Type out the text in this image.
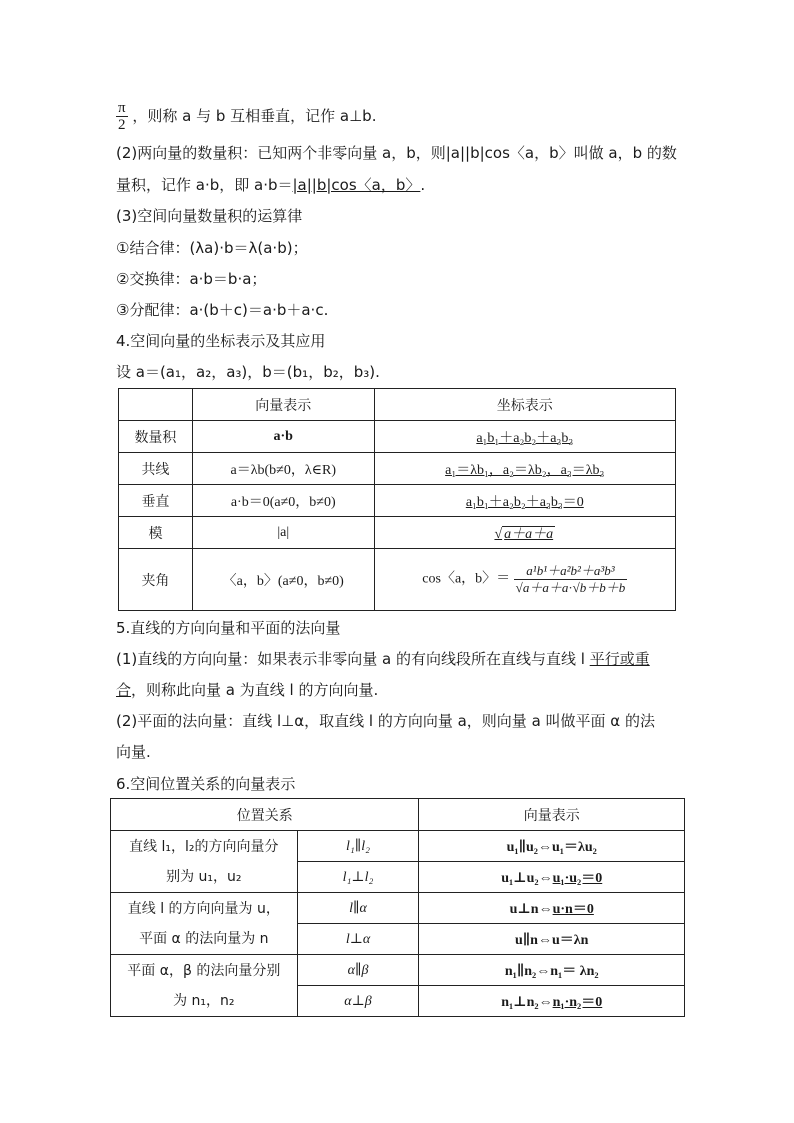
$\frac{\pi}{2}$ ，则称 a 与 b 互相垂直，记作 a⊥b.
(2)两向量的数量积：已知两个非零向量 a，b，则|a||b|cos〈a，b〉叫做 a，b 的数
量积，记作 a·b，即 a·b＝|a||b|cos〈a，b〉.
(3)空间向量数量积的运算律
①结合律：(λa)·b＝λ(a·b)；
②交换律：a·b＝b·a；
③分配律：a·(b＋c)＝a·b＋a·c.
4.空间向量的坐标表示及其应用
设 a＝(a₁，a₂，a₃)，b＝(b₁，b₂，b₃).
	向量表示	坐标表示
数量积	a·b	a₁b₁＋a₂b₂＋a₃b₃
共线	a＝λb(b≠0，λ∈R)	a₁＝λb₁，a₂＝λb₂，a₃＝λb₃
垂直	a·b＝0(a≠0，b≠0)	a₁b₁＋a₂b₂＋a₃b₃＝0
模	|a|	√ a＋a＋a
夹角	〈a，b〉(a≠0，b≠0)	cos〈a，b〉＝ $\frac{\text{a¹b¹＋a²b²＋a³b³}}{√a+a+a\cdot√b+b+b}$
5.直线的方向向量和平面的法向量
(1)直线的方向向量：如果表示非零向量 a 的有向线段所在直线与直线 l 平行或重
合，则称此向量 a 为直线 l 的方向向量.
(2)平面的法向量：直线 l⊥α，取直线 l 的方向向量 a，则向量 a 叫做平面 α 的法
向量.
6.空间位置关系的向量表示
位置关系		向量表示

直线 l₁，l₂的方向向量分
别为 u₁，u₂	l₁∥l₂	u₁∥u₂⇔u₁＝λu₂
	l₁⊥l₂	u₁⊥u₂⇔u₁·u₂＝0

直线 l 的方向向量为 u，
平面 α 的法向量为 n	l∥α	u⊥n⇔u·n＝0
	l⊥α	u∥n⇔u＝λn

平面 α，β 的法向量分别
为 n₁，n₂	α∥β	n₁∥n₂⇔n₁＝ λn₂
	α⊥β	n₁⊥n₂⇔n₁·n₂＝0
